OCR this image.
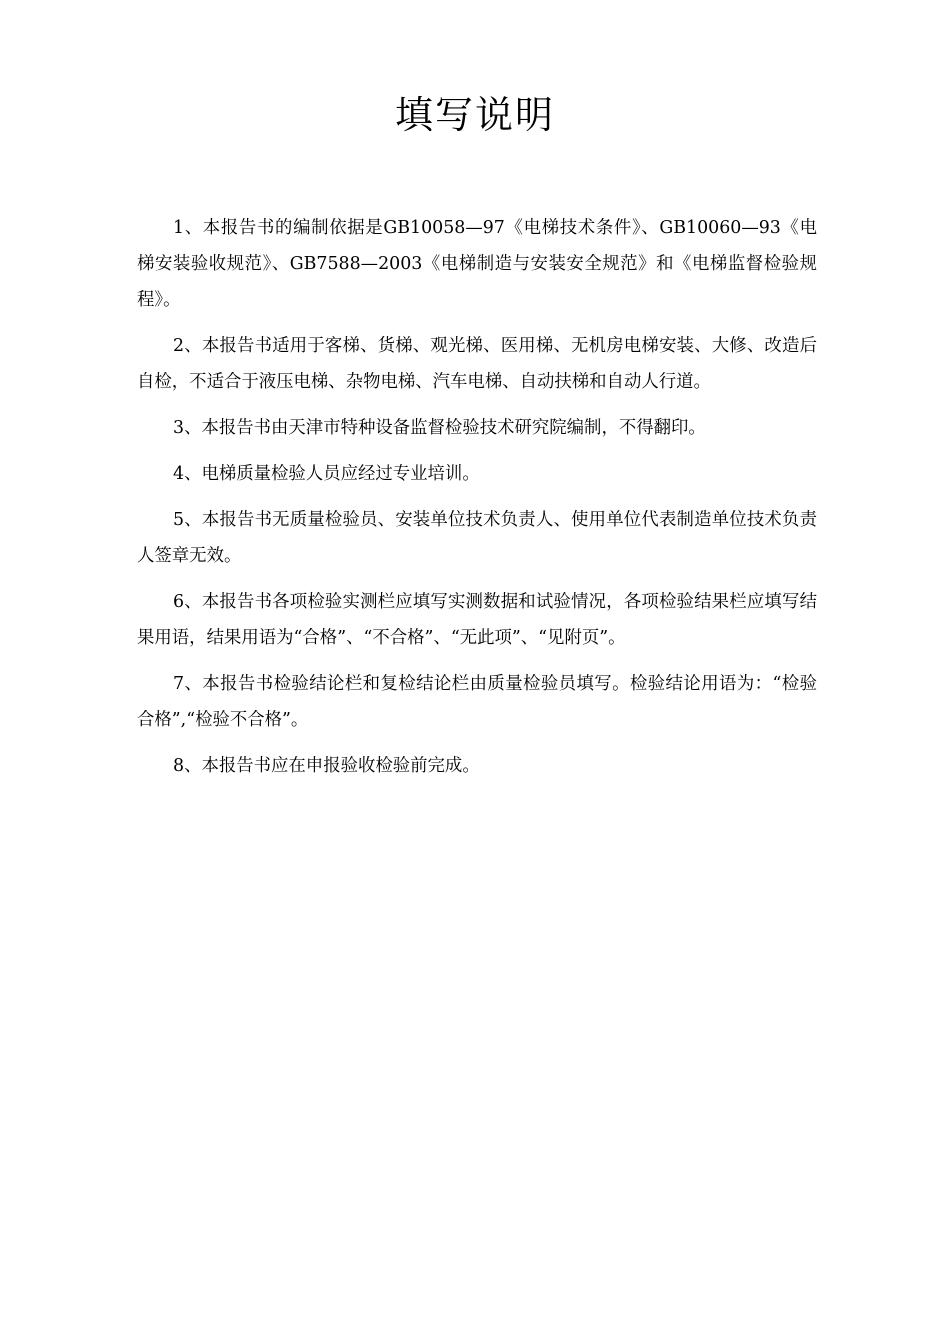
填写说明

1、本报告书的编制依据是GB10058—97《电梯技术条件》、GB10060—93《电梯安装验收规范》、GB7588—2003《电梯制造与安装安全规范》和《电梯监督检验规程》。

2、本报告书适用于客梯、货梯、观光梯、医用梯、无机房电梯安装、大修、改造后自检，不适合于液压电梯、杂物电梯、汽车电梯、自动扶梯和自动人行道。

3、本报告书由天津市特种设备监督检验技术研究院编制，不得翻印。

4、电梯质量检验人员应经过专业培训。

5、本报告书无质量检验员、安装单位技术负责人、使用单位代表制造单位技术负责人签章无效。

6、本报告书各项检验实测栏应填写实测数据和试验情况，各项检验结果栏应填写结果用语，结果用语为“合格”、“不合格”、“无此项”、“见附页”。

7、本报告书检验结论栏和复检结论栏由质量检验员填写。检验结论用语为：“检验合格”,“检验不合格”。

8、本报告书应在申报验收检验前完成。
